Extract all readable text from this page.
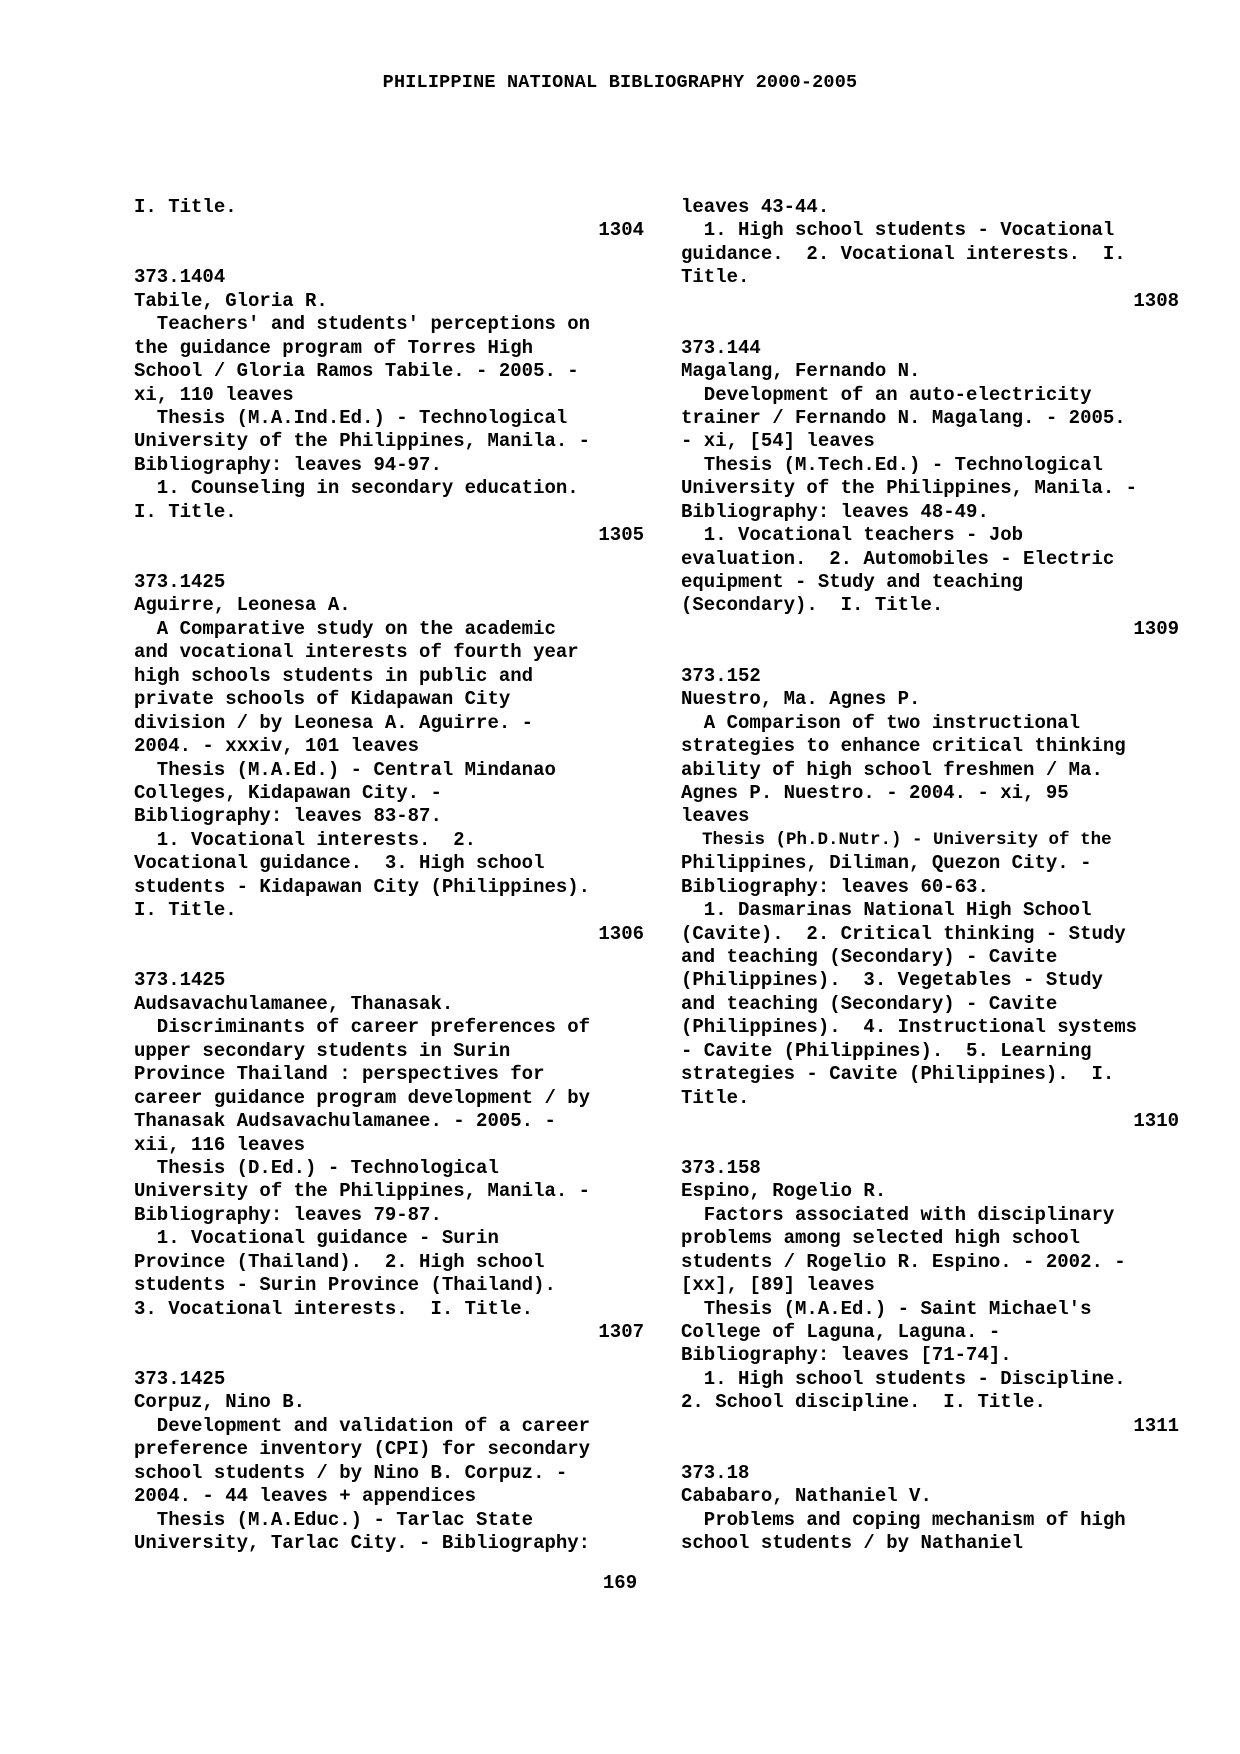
PHILIPPINE NATIONAL BIBLIOGRAPHY 2000-2005
I. Title.
1304
373.1404
Tabile, Gloria R.
Teachers' and students' perceptions on
the guidance program of Torres High
School / Gloria Ramos Tabile. - 2005. -
xi, 110 leaves
Thesis (M.A.Ind.Ed.) - Technological
University of the Philippines, Manila. -
Bibliography: leaves 94-97.
1. Counseling in secondary education.
I. Title.
1305
373.1425
Aguirre, Leonesa A.
A Comparative study on the academic
and vocational interests of fourth year
high schools students in public and
private schools of Kidapawan City
division / by Leonesa A. Aguirre. -
2004. - xxxiv, 101 leaves
Thesis (M.A.Ed.) - Central Mindanao
Colleges, Kidapawan City. -
Bibliography: leaves 83-87.
1. Vocational interests.  2.
Vocational guidance.  3. High school
students - Kidapawan City (Philippines).
I. Title.
1306
373.1425
Audsavachulamanee, Thanasak.
Discriminants of career preferences of
upper secondary students in Surin
Province Thailand : perspectives for
career guidance program development / by
Thanasak Audsavachulamanee. - 2005. -
xii, 116 leaves
Thesis (D.Ed.) - Technological
University of the Philippines, Manila. -
Bibliography: leaves 79-87.
1. Vocational guidance - Surin
Province (Thailand).  2. High school
students - Surin Province (Thailand).
3. Vocational interests.  I. Title.
1307
373.1425
Corpuz, Nino B.
Development and validation of a career
preference inventory (CPI) for secondary
school students / by Nino B. Corpuz. -
2004. - 44 leaves + appendices
Thesis (M.A.Educ.) - Tarlac State
University, Tarlac City. - Bibliography:
leaves 43-44.
1. High school students - Vocational
guidance.  2. Vocational interests.  I.
Title.
1308
373.144
Magalang, Fernando N.
Development of an auto-electricity
trainer / Fernando N. Magalang. - 2005.
- xi, [54] leaves
Thesis (M.Tech.Ed.) - Technological
University of the Philippines, Manila. -
Bibliography: leaves 48-49.
1. Vocational teachers - Job
evaluation.  2. Automobiles - Electric
equipment - Study and teaching
(Secondary).  I. Title.
1309
373.152
Nuestro, Ma. Agnes P.
A Comparison of two instructional
strategies to enhance critical thinking
ability of high school freshmen / Ma.
Agnes P. Nuestro. - 2004. - xi, 95
leaves
Thesis (Ph.D.Nutr.) - University of the
Philippines, Diliman, Quezon City. -
Bibliography: leaves 60-63.
1. Dasmarinas National High School
(Cavite).  2. Critical thinking - Study
and teaching (Secondary) - Cavite
(Philippines).  3. Vegetables - Study
and teaching (Secondary) - Cavite
(Philippines).  4. Instructional systems
- Cavite (Philippines).  5. Learning
strategies - Cavite (Philippines).  I.
Title.
1310
373.158
Espino, Rogelio R.
Factors associated with disciplinary
problems among selected high school
students / Rogelio R. Espino. - 2002. -
[xx], [89] leaves
Thesis (M.A.Ed.) - Saint Michael's
College of Laguna, Laguna. -
Bibliography: leaves [71-74].
1. High school students - Discipline.
2. School discipline.  I. Title.
1311
373.18
Cababaro, Nathaniel V.
Problems and coping mechanism of high
school students / by Nathaniel
169
